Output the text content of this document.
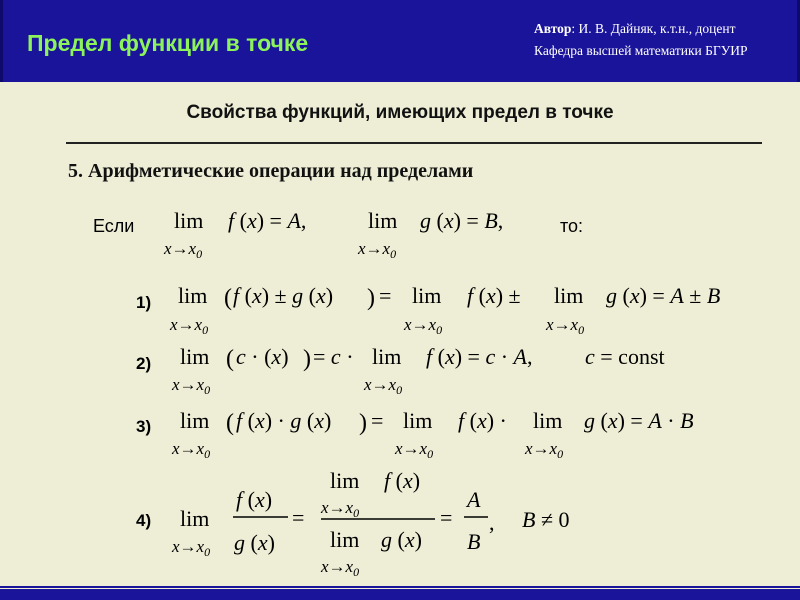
Предел функции в точке
Автор: И. В. Дайняк, к.т.н., доцент
Кафедра высшей математики БГУИР
Свойства функций, имеющих предел в точке
5. Арифметические операции над пределами
Если lim
$x\to x_0$
f (x) = A,	lim
$x\to x_0$
g (x) = B,	то:
1) lim
$x\to x_0$
( f (x) ± g (x) ) = lim
$x\to x_0$
f (x) ± lim
$x\to x_0$
g (x) = A ± B
2) lim
$x\to x_0$
( c · (x) ) = c · lim
$x\to x_0$
f (x) = c · A, c = const
3) lim
$x\to x_0$
( f (x) · g (x) ) = lim
$x\to x_0$
f (x) · lim
$x\to x_0$
g (x) = A · B
4) lim
$x\to x_0$
f (x)
g (x)
=
lim
$x\to x_0$
f (x)
lim
$x\to x_0$
g (x)
=
A
B
, B ≠ 0
